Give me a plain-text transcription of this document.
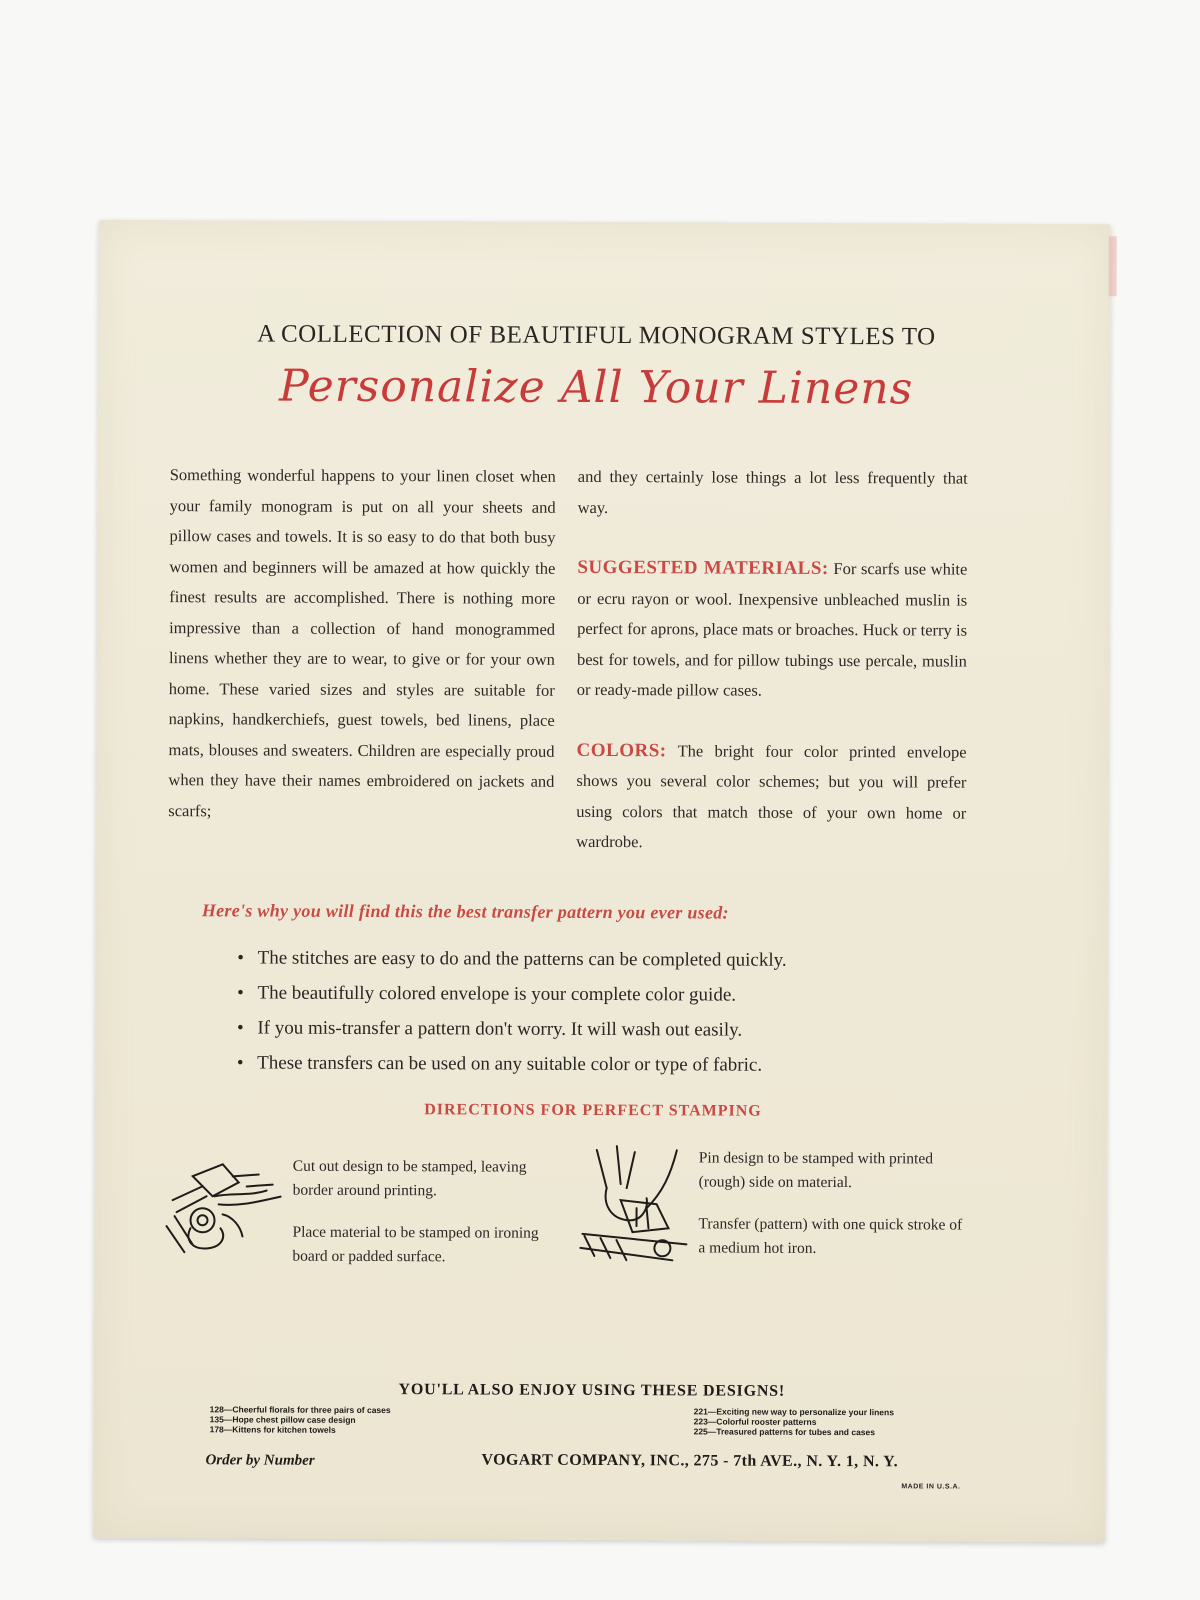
A COLLECTION OF BEAUTIFUL MONOGRAM STYLES TO
Personalize All Your Linens

Something wonderful happens to your linen closet when your family monogram is put on all your sheets and pillow cases and towels. It is so easy to do that both busy women and beginners will be amazed at how quickly the finest results are accomplished. There is nothing more impressive than a collection of hand monogrammed linens whether they are to wear, to give or for your own home. These varied sizes and styles are suitable for napkins, handkerchiefs, guest towels, bed linens, place mats, blouses and sweaters. Children are especially proud when they have their names embroidered on jackets and scarfs;

and they certainly lose things a lot less frequently that way.

SUGGESTED MATERIALS: For scarfs use white or ecru rayon or wool. Inexpensive unbleached muslin is perfect for aprons, place mats or broaches. Huck or terry is best for towels, and for pillow tubings use percale, muslin or ready-made pillow cases.

COLORS: The bright four color printed envelope shows you several color schemes; but you will prefer using colors that match those of your own home or wardrobe.

Here's why you will find this the best transfer pattern you ever used:
• The stitches are easy to do and the patterns can be completed quickly.
• The beautifully colored envelope is your complete color guide.
• If you mis-transfer a pattern don't worry. It will wash out easily.
• These transfers can be used on any suitable color or type of fabric.
DIRECTIONS FOR PERFECT STAMPING

Cut out design to be stamped, leaving border around printing.

Place material to be stamped on ironing board or padded surface.

Pin design to be stamped with printed (rough) side on material.

Transfer (pattern) with one quick stroke of a medium hot iron.

YOU'LL ALSO ENJOY USING THESE DESIGNS!
128—Cheerful florals for three pairs of cases
135—Hope chest pillow case design
178—Kittens for kitchen towels
221—Exciting new way to personalize your linens
223—Colorful rooster patterns
225—Treasured patterns for tubes and cases
Order by Number	VOGART COMPANY, INC., 275 - 7th AVE., N. Y. 1, N. Y.
MADE IN U.S.A.
